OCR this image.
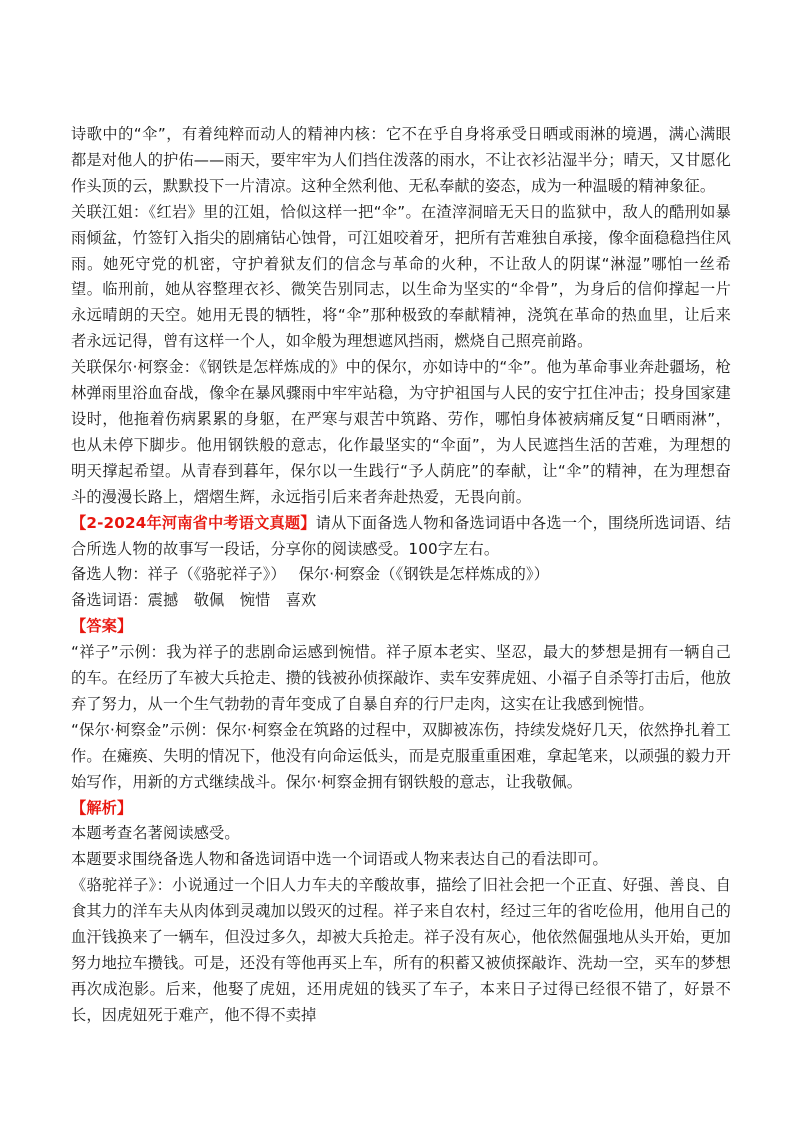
诗歌中的“伞”，有着纯粹而动人的精神内核：它不在乎自身将承受日晒或雨淋的境遇，满心满眼都是对他人的护佑——雨天，要牢牢为人们挡住泼落的雨水，不让衣衫沾湿半分；晴天，又甘愿化作头顶的云，默默投下一片清凉。这种全然利他、无私奉献的姿态，成为一种温暖的精神象征。

关联江姐：《红岩》里的江姐，恰似这样一把“伞”。在渣滓洞暗无天日的监狱中，敌人的酷刑如暴雨倾盆，竹签钉入指尖的剧痛钻心蚀骨，可江姐咬着牙，把所有苦难独自承接，像伞面稳稳挡住风雨。她死守党的机密，守护着狱友们的信念与革命的火种，不让敌人的阴谋“淋湿”哪怕一丝希望。临刑前，她从容整理衣衫、微笑告别同志，以生命为坚实的“伞骨”，为身后的信仰撑起一片永远晴朗的天空。她用无畏的牺牲，将“伞”那种极致的奉献精神，浇筑在革命的热血里，让后来者永远记得，曾有这样一个人，如伞般为理想遮风挡雨，燃烧自己照亮前路。

关联保尔·柯察金：《钢铁是怎样炼成的》中的保尔，亦如诗中的“伞”。他为革命事业奔赴疆场，枪林弹雨里浴血奋战，像伞在暴风骤雨中牢牢站稳，为守护祖国与人民的安宁扛住冲击；投身国家建设时，他拖着伤病累累的身躯，在严寒与艰苦中筑路、劳作，哪怕身体被病痛反复“日晒雨淋”，也从未停下脚步。他用钢铁般的意志，化作最坚实的“伞面”，为人民遮挡生活的苦难，为理想的明天撑起希望。从青春到暮年，保尔以一生践行“予人荫庇”的奉献，让“伞”的精神，在为理想奋斗的漫漫长路上，熠熠生辉，永远指引后来者奔赴热爱，无畏向前。

【2-2024年河南省中考语文真题】请从下面备选人物和备选词语中各选一个，围绕所选词语、结合所选人物的故事写一段话，分享你的阅读感受。100字左右。

备选人物：祥子（《骆驼祥子》）　 保尔·柯察金（《钢铁是怎样炼成的》）

备选词语：震撼　敬佩　惋惜　喜欢

【答案】

“祥子”示例：我为祥子的悲剧命运感到惋惜。祥子原本老实、坚忍，最大的梦想是拥有一辆自己的车。在经历了车被大兵抢走、攒的钱被孙侦探敲诈、卖车安葬虎妞、小福子自杀等打击后，他放弃了努力，从一个生气勃勃的青年变成了自暴自弃的行尸走肉，这实在让我感到惋惜。

“保尔·柯察金”示例：保尔·柯察金在筑路的过程中，双脚被冻伤，持续发烧好几天，依然挣扎着工作。在瘫痪、失明的情况下，他没有向命运低头，而是克服重重困难，拿起笔来，以顽强的毅力开始写作，用新的方式继续战斗。保尔·柯察金拥有钢铁般的意志，让我敬佩。

【解析】

本题考查名著阅读感受。

本题要求围绕备选人物和备选词语中选一个词语或人物来表达自己的看法即可。

《骆驼祥子》：小说通过一个旧人力车夫的辛酸故事，描绘了旧社会把一个正直、好强、善良、自食其力的洋车夫从肉体到灵魂加以毁灭的过程。祥子来自农村，经过三年的省吃俭用，他用自己的血汗钱换来了一辆车，但没过多久，却被大兵抢走。祥子没有灰心，他依然倔强地从头开始，更加努力地拉车攒钱。可是，还没有等他再买上车，所有的积蓄又被侦探敲诈、洗劫一空，买车的梦想再次成泡影。后来，他娶了虎妞，还用虎妞的钱买了车子，本来日子过得已经很不错了，好景不长，因虎妞死于难产，他不得不卖掉
